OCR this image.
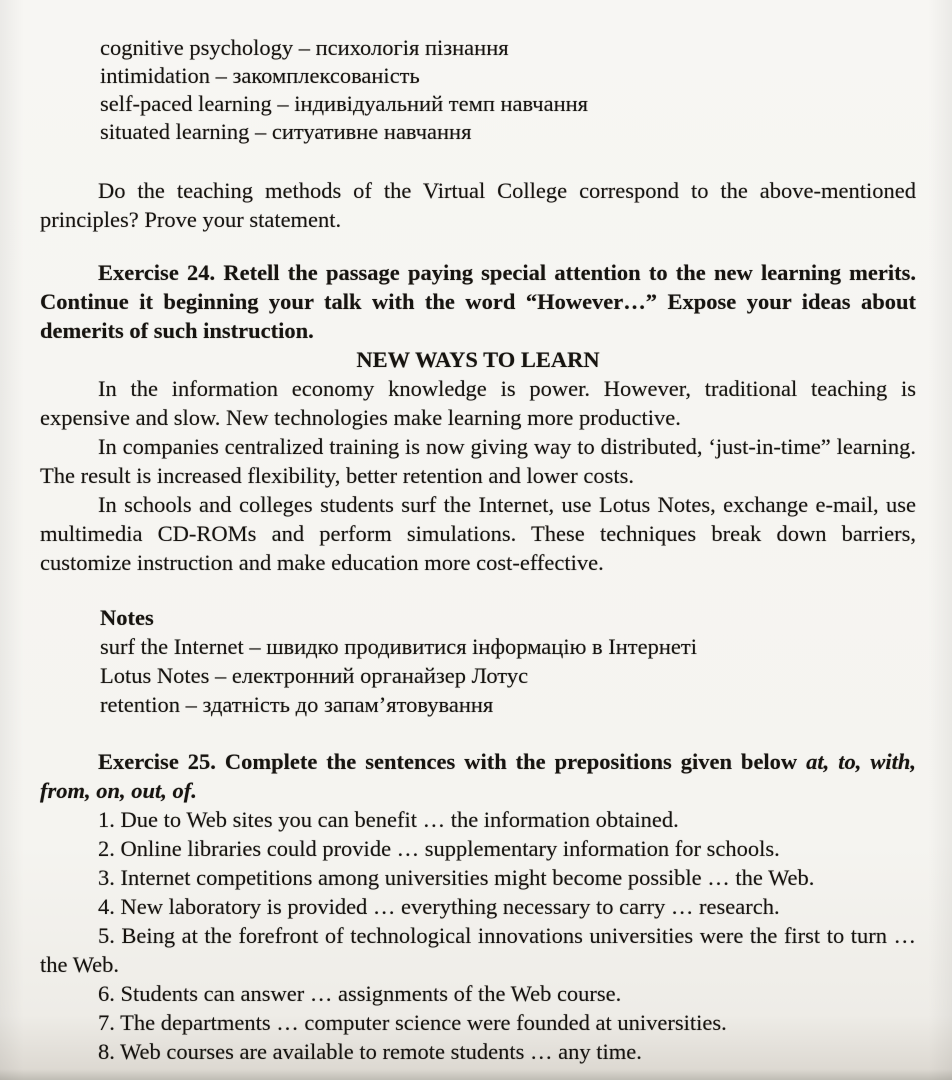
cognitive psychology – психологія пізнання

intimidation – закомплексованість

self-paced learning – індивідуальний темп навчання

situated learning – ситуативне навчання

Do the teaching methods of the Virtual College correspond to the above-mentioned principles? Prove your statement.

Exercise 24. Retell the passage paying special attention to the new learning merits. Continue it beginning your talk with the word “However…” Expose your ideas about demerits of such instruction.

NEW WAYS TO LEARN

In the information economy knowledge is power. However, traditional teaching is expensive and slow. New technologies make learning more productive.

In companies centralized training is now giving way to distributed, ‘just-in-time” learning. The result is increased flexibility, better retention and lower costs.

In schools and colleges students surf the Internet, use Lotus Notes, exchange e-mail, use multimedia CD-ROMs and perform simulations. These techniques break down barriers, customize instruction and make education more cost-effective.

Notes

surf the Internet – швидко продивитися інформацію в Інтернеті

Lotus Notes – електронний органайзер Лотус

retention – здатність до запам’ятовування

Exercise 25. Complete the sentences with the prepositions given below at, to, with, from, on, out, of.

1. Due to Web sites you can benefit … the information obtained.

2. Online libraries could provide … supplementary information for schools.

3. Internet competitions among universities might become possible … the Web.

4. New laboratory is provided … everything necessary to carry … research.

5. Being at the forefront of technological innovations universities were the first to turn … the Web.

6. Students can answer … assignments of the Web course.

7. The departments … computer science were founded at universities.

8. Web courses are available to remote students … any time.
